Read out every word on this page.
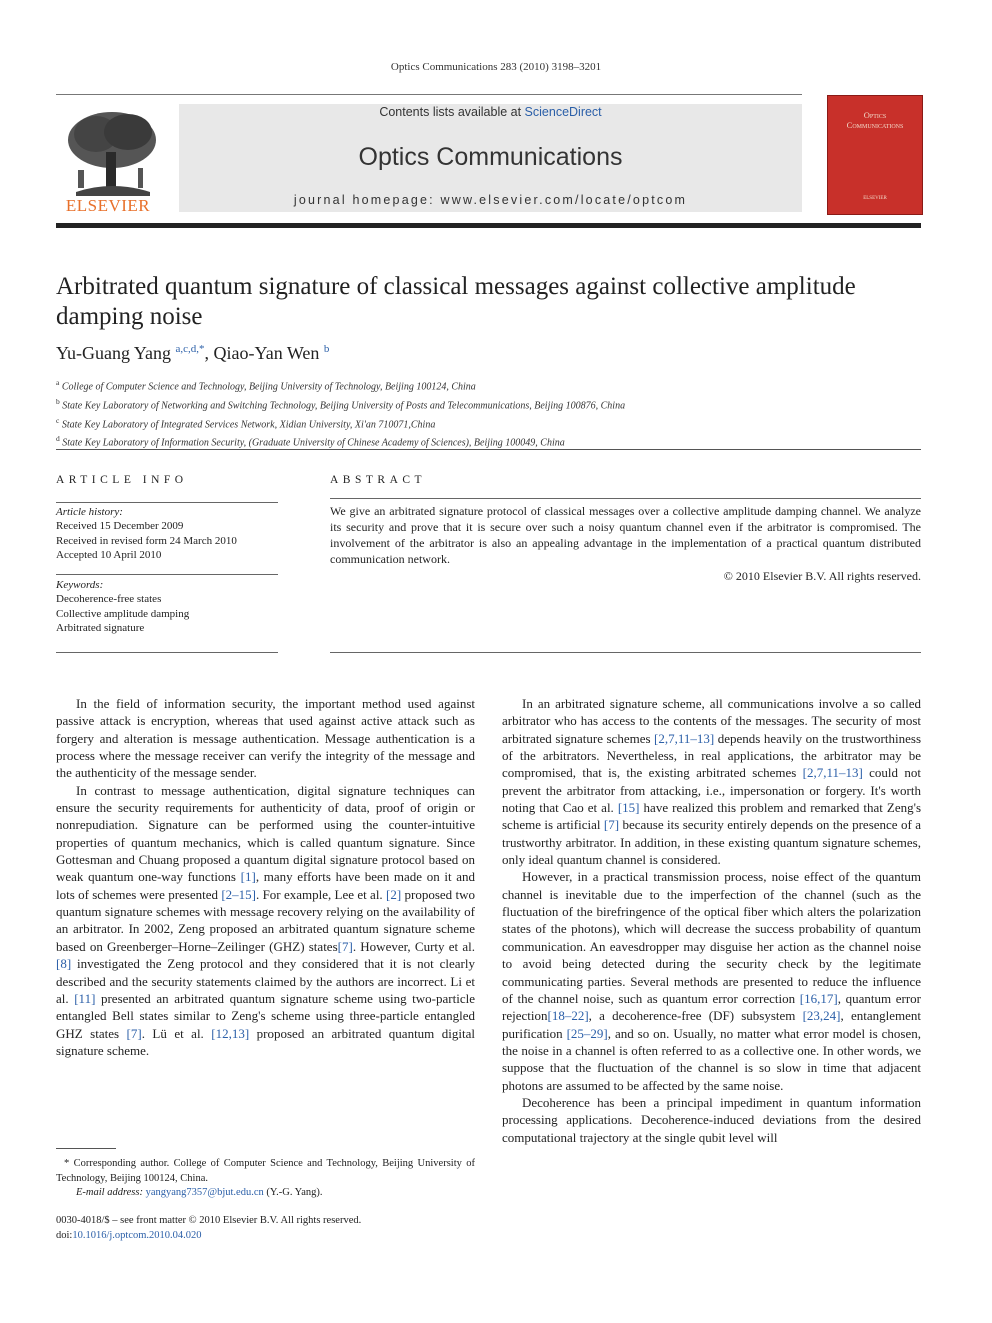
Optics Communications 283 (2010) 3198–3201
ELSEVIER
Contents lists available at ScienceDirect
Optics Communications
journal homepage: www.elsevier.com/locate/optcom
Optics
Communications
ELSEVIER
Arbitrated quantum signature of classical messages against collective amplitude damping noise
Yu-Guang Yang $^{a,c,d,*}$, Qiao-Yan Wen $^b$
$^a$ College of Computer Science and Technology, Beijing University of Technology, Beijing 100124, China
$^b$ State Key Laboratory of Networking and Switching Technology, Beijing University of Posts and Telecommunications, Beijing 100876, China
$^c$ State Key Laboratory of Integrated Services Network, Xidian University, Xi'an 710071,China
$^d$ State Key Laboratory of Information Security, (Graduate University of Chinese Academy of Sciences), Beijing 100049, China
ARTICLE INFO
Article history:
Received 15 December 2009
Received in revised form 24 March 2010
Accepted 10 April 2010
Keywords:
Decoherence-free states
Collective amplitude damping
Arbitrated signature
ABSTRACT
We give an arbitrated signature protocol of classical messages over a collective amplitude damping channel. We analyze its security and prove that it is secure over such a noisy quantum channel even if the arbitrator is compromised. The involvement of the arbitrator is also an appealing advantage in the implementation of a practical quantum distributed communication network.
© 2010 Elsevier B.V. All rights reserved.

In the field of information security, the important method used against passive attack is encryption, whereas that used against active attack such as forgery and alteration is message authentication. Message authentication is a process where the message receiver can verify the integrity of the message and the authenticity of the message sender.

In contrast to message authentication, digital signature techniques can ensure the security requirements for authenticity of data, proof of origin or nonrepudiation. Signature can be performed using the counter-intuitive properties of quantum mechanics, which is called quantum signature. Since Gottesman and Chuang proposed a quantum digital signature protocol based on weak quantum one-way functions [1], many efforts have been made on it and lots of schemes were presented [2–15]. For example, Lee et al. [2] proposed two quantum signature schemes with message recovery relying on the availability of an arbitrator. In 2002, Zeng proposed an arbitrated quantum signature scheme based on Greenberger–Horne–Zeilinger (GHZ) states[7]. However, Curty et al. [8] investigated the Zeng protocol and they considered that it is not clearly described and the security statements claimed by the authors are incorrect. Li et al. [11] presented an arbitrated quantum signature scheme using two-particle entangled Bell states similar to Zeng's scheme using three-particle entangled GHZ states [7]. Lü et al. [12,13] proposed an arbitrated quantum digital signature scheme.

In an arbitrated signature scheme, all communications involve a so called arbitrator who has access to the contents of the messages. The security of most arbitrated signature schemes [2,7,11–13] depends heavily on the trustworthiness of the arbitrators. Nevertheless, in real applications, the arbitrator may be compromised, that is, the existing arbitrated schemes [2,7,11–13] could not prevent the arbitrator from attacking, i.e., impersonation or forgery. It's worth noting that Cao et al. [15] have realized this problem and remarked that Zeng's scheme is artificial [7] because its security entirely depends on the presence of a trustworthy arbitrator. In addition, in these existing quantum signature schemes, only ideal quantum channel is considered.

However, in a practical transmission process, noise effect of the quantum channel is inevitable due to the imperfection of the channel (such as the fluctuation of the birefringence of the optical fiber which alters the polarization states of the photons), which will decrease the success probability of quantum communication. An eavesdropper may disguise her action as the channel noise to avoid being detected during the security check by the legitimate communicating parties. Several methods are presented to reduce the influence of the channel noise, such as quantum error correction [16,17], quantum error rejection[18–22], a decoherence-free (DF) subsystem [23,24], entanglement purification [25–29], and so on. Usually, no matter what error model is chosen, the noise in a channel is often referred to as a collective one. In other words, we suppose that the fluctuation of the channel is so slow in time that adjacent photons are assumed to be affected by the same noise.

Decoherence has been a principal impediment in quantum information processing applications. Decoherence-induced deviations from the desired computational trajectory at the single qubit level will

* Corresponding author. College of Computer Science and Technology, Beijing University of Technology, Beijing 100124, China.

E-mail address: yangyang7357@bjut.edu.cn (Y.-G. Yang).

0030-4018/$ – see front matter © 2010 Elsevier B.V. All rights reserved.
doi:10.1016/j.optcom.2010.04.020
